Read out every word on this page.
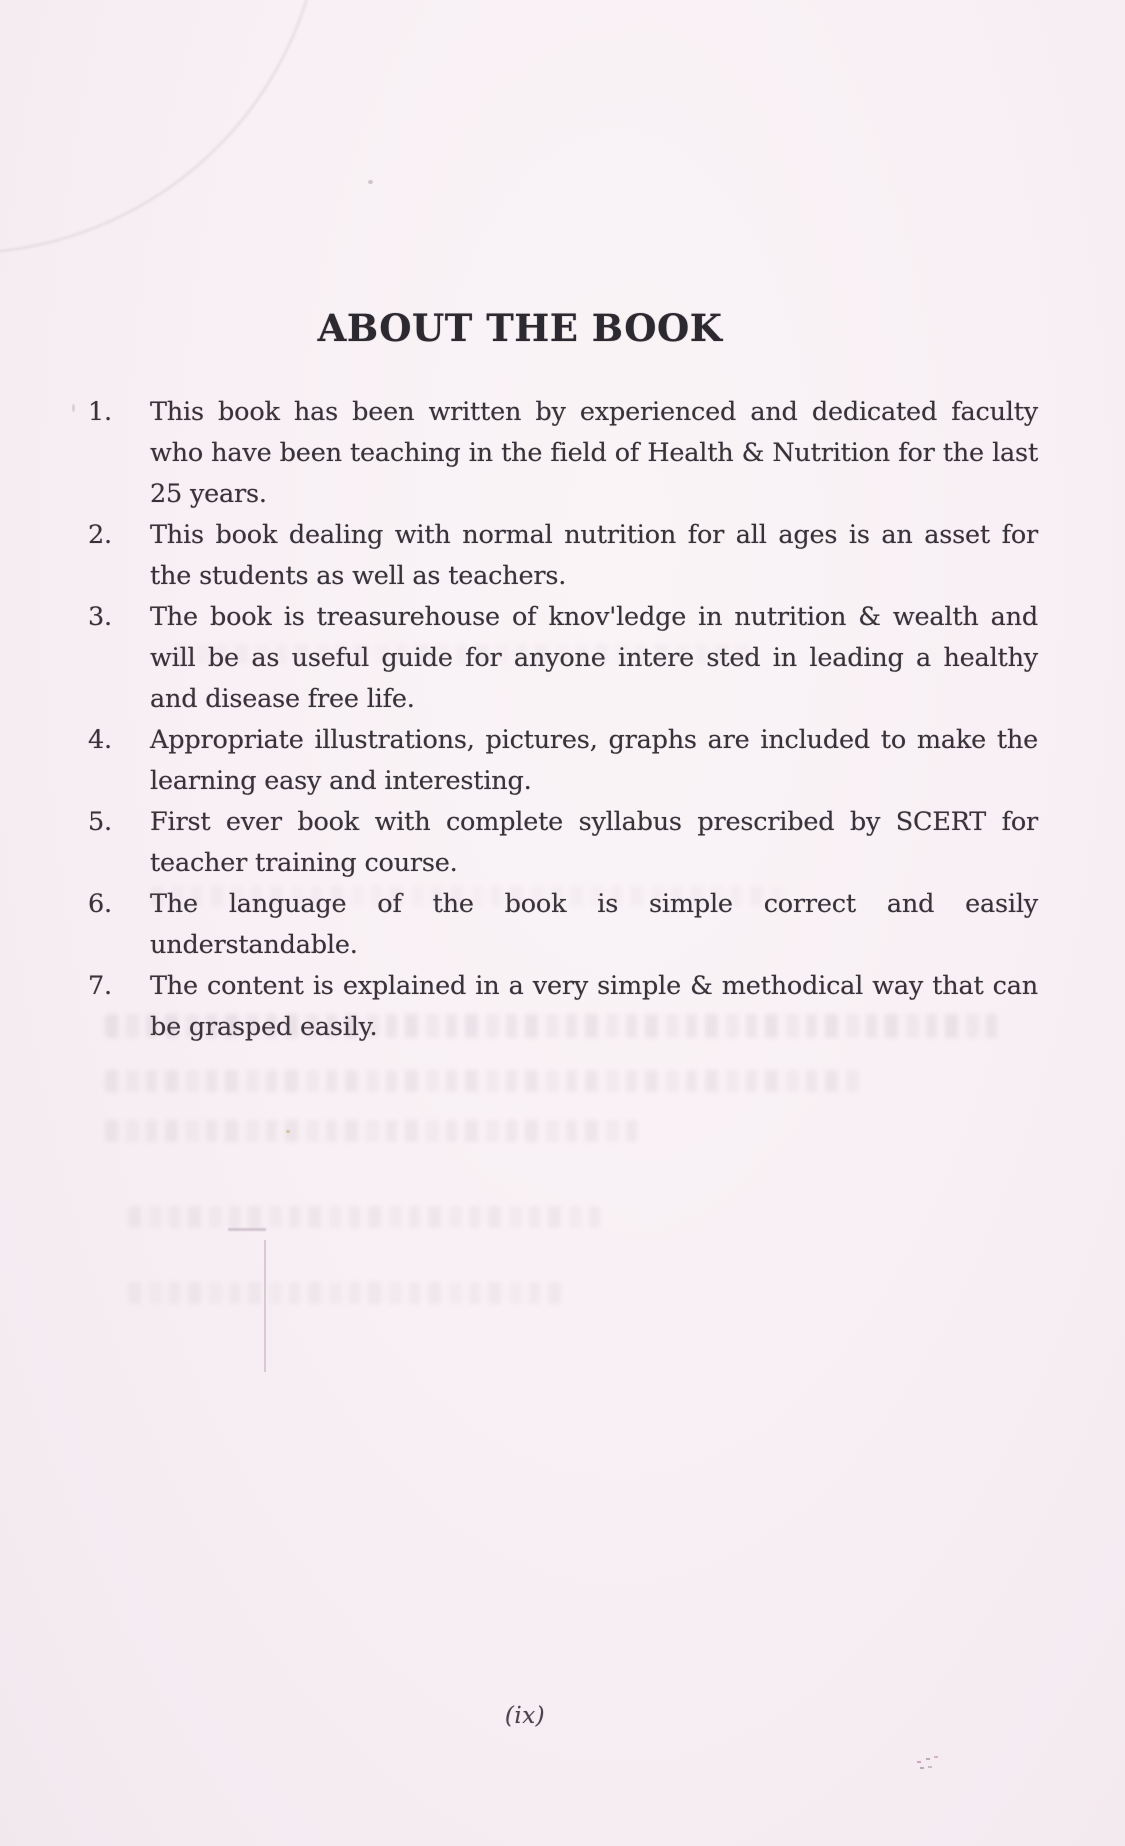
ABOUT THE BOOK
1. This book has been written by experienced and dedicated faculty who have been teaching in the field of Health & Nutrition for the last 25 years.
2. This book dealing with normal nutrition for all ages is an asset for the students as well as teachers.
3. The book is treasurehouse of knov'ledge in nutrition & wealth and will be as useful guide for anyone intere sted in leading a healthy and disease free life.
4. Appropriate illustrations, pictures, graphs are included to make the learning easy and interesting.
5. First ever book with complete syllabus prescribed by SCERT for teacher training course.
6. The language of the book is simple correct and easily understandable.
7. The content is explained in a very simple & methodical way that can be grasped easily.
(ix)
